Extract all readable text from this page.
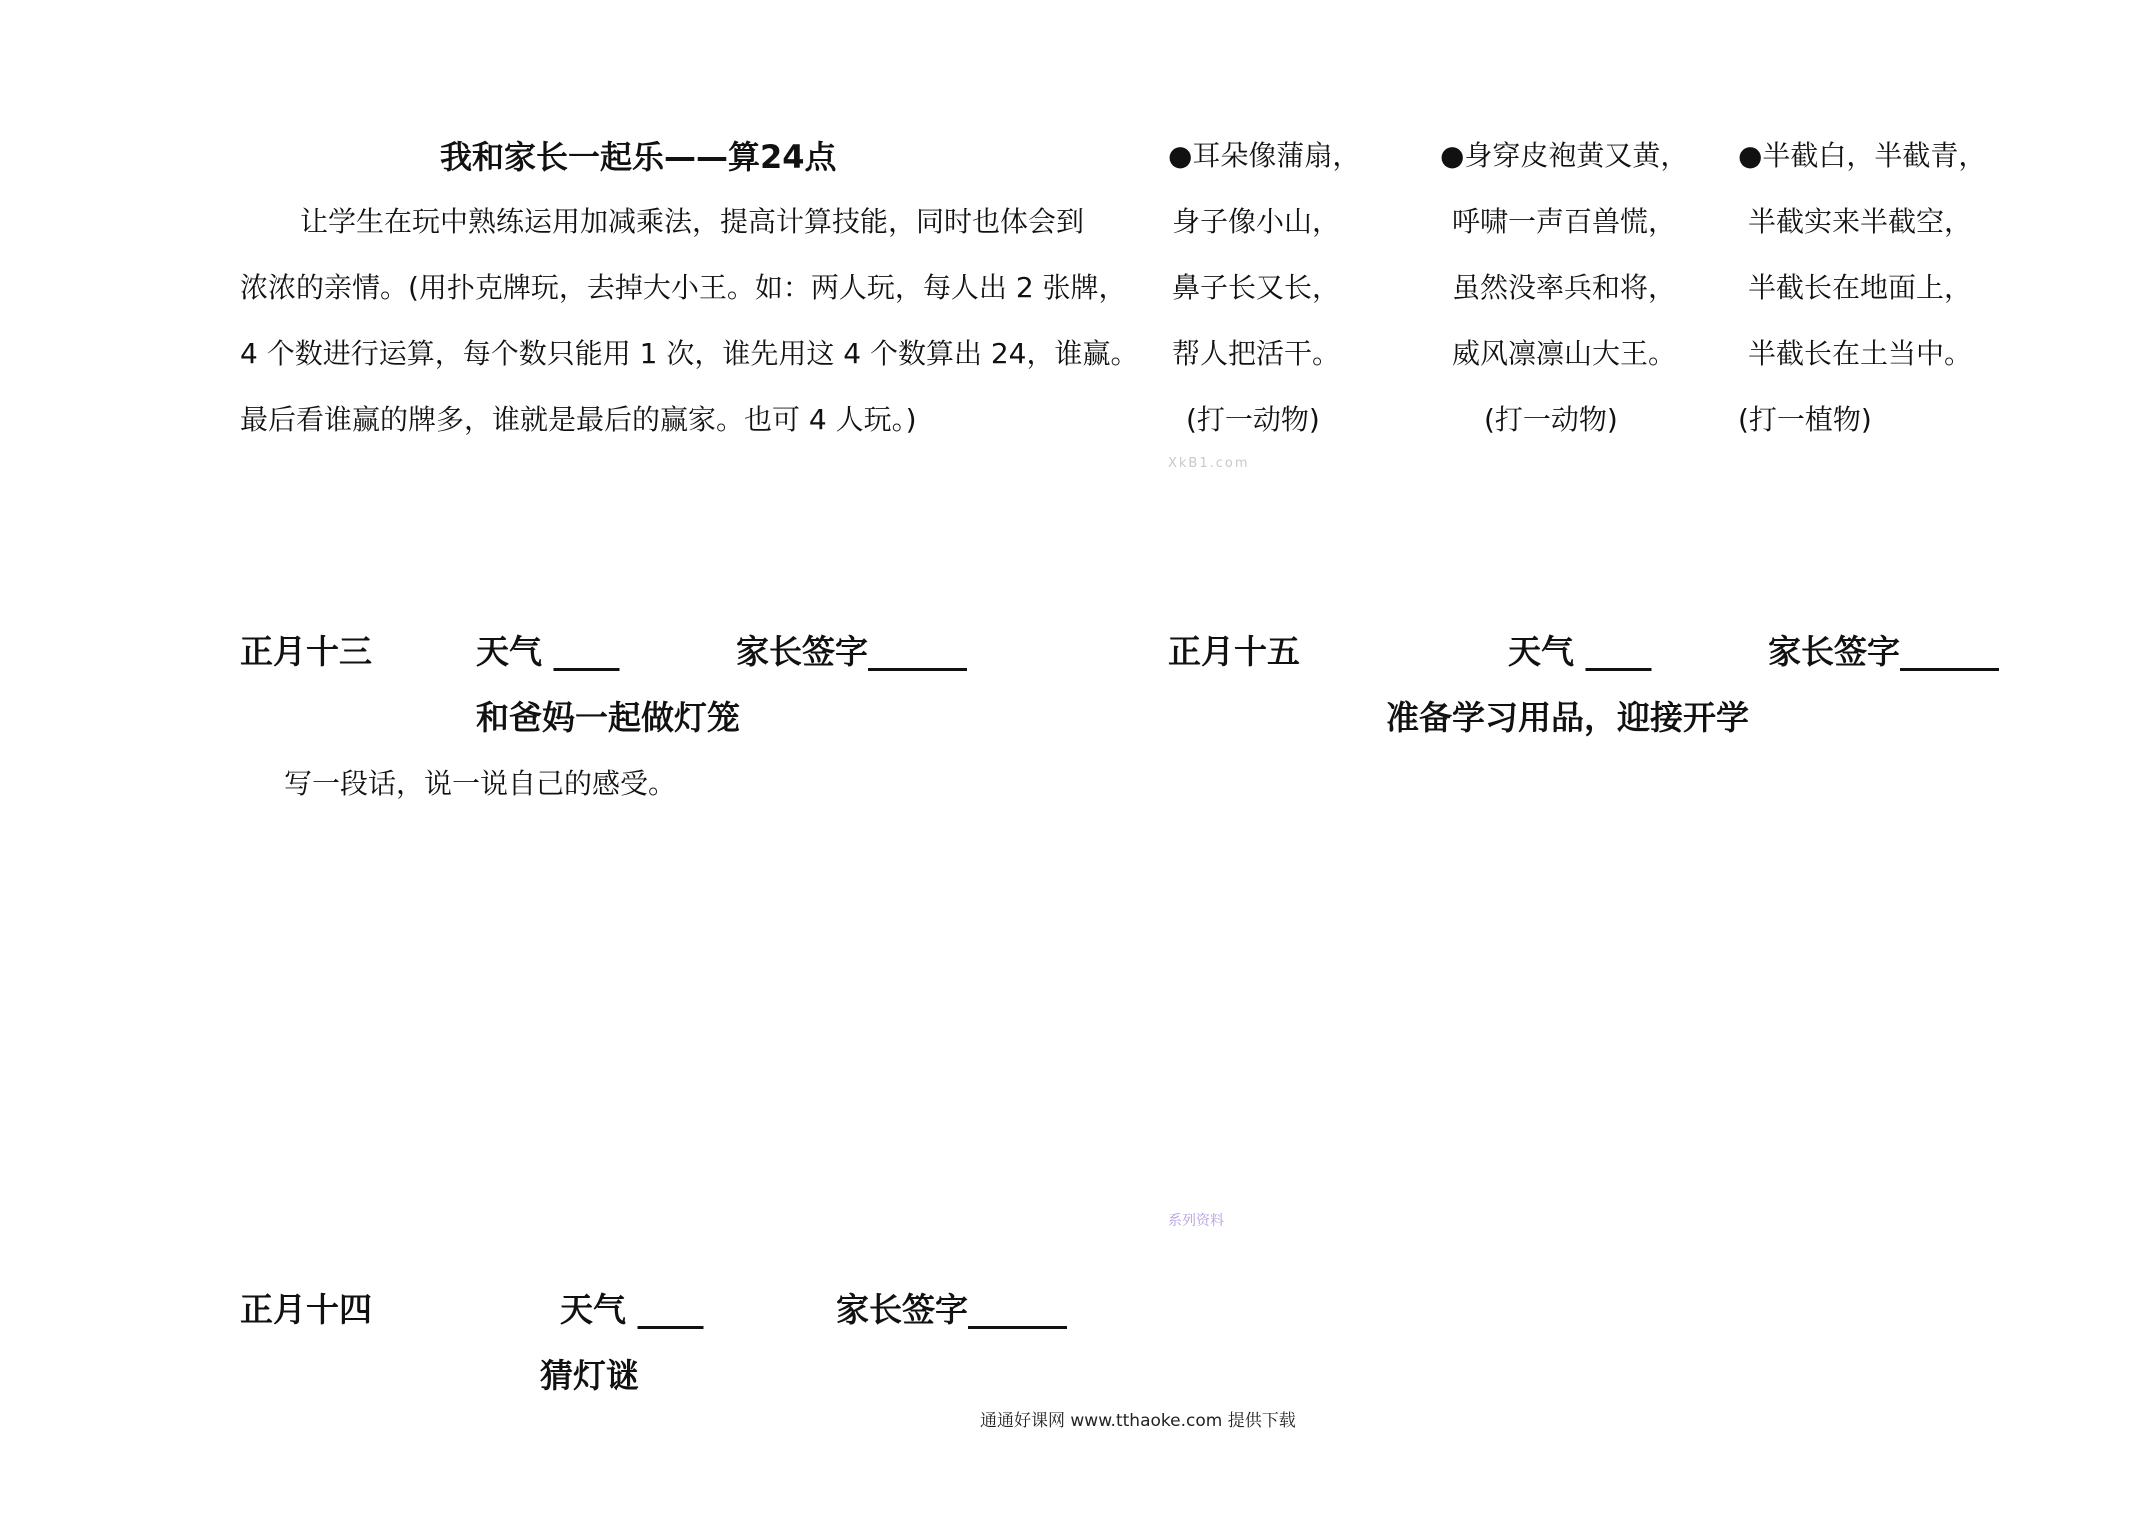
我和家长一起乐——算24点
让学生在玩中熟练运用加减乘法，提高计算技能，同时也体会到
浓浓的亲情。(用扑克牌玩，去掉大小王。如：两人玩，每人出 2 张牌，
4 个数进行运算，每个数只能用 1 次，谁先用这 4 个数算出 24，谁赢。
最后看谁赢的牌多，谁就是最后的赢家。也可 4 人玩。)
●耳朵像蒲扇，
身子像小山，
鼻子长又长，
帮人把活干。
(打一动物)
●身穿皮袍黄又黄，
呼啸一声百兽慌，
虽然没率兵和将，
威风凛凛山大王。
(打一动物)
●半截白，半截青，
半截实来半截空，
半截长在地面上，
半截长在土当中。
(打一植物)
XkB1.com
正月十三	天气 ____	家长签字______
和爸妈一起做灯笼
写一段话，说一说自己的感受。
正月十五	天气 ____	家长签字______
准备学习用品，迎接开学
系列资料
正月十四	天气 ____	家长签字______
猜灯谜
通通好课网 www.tthaoke.com 提供下载
